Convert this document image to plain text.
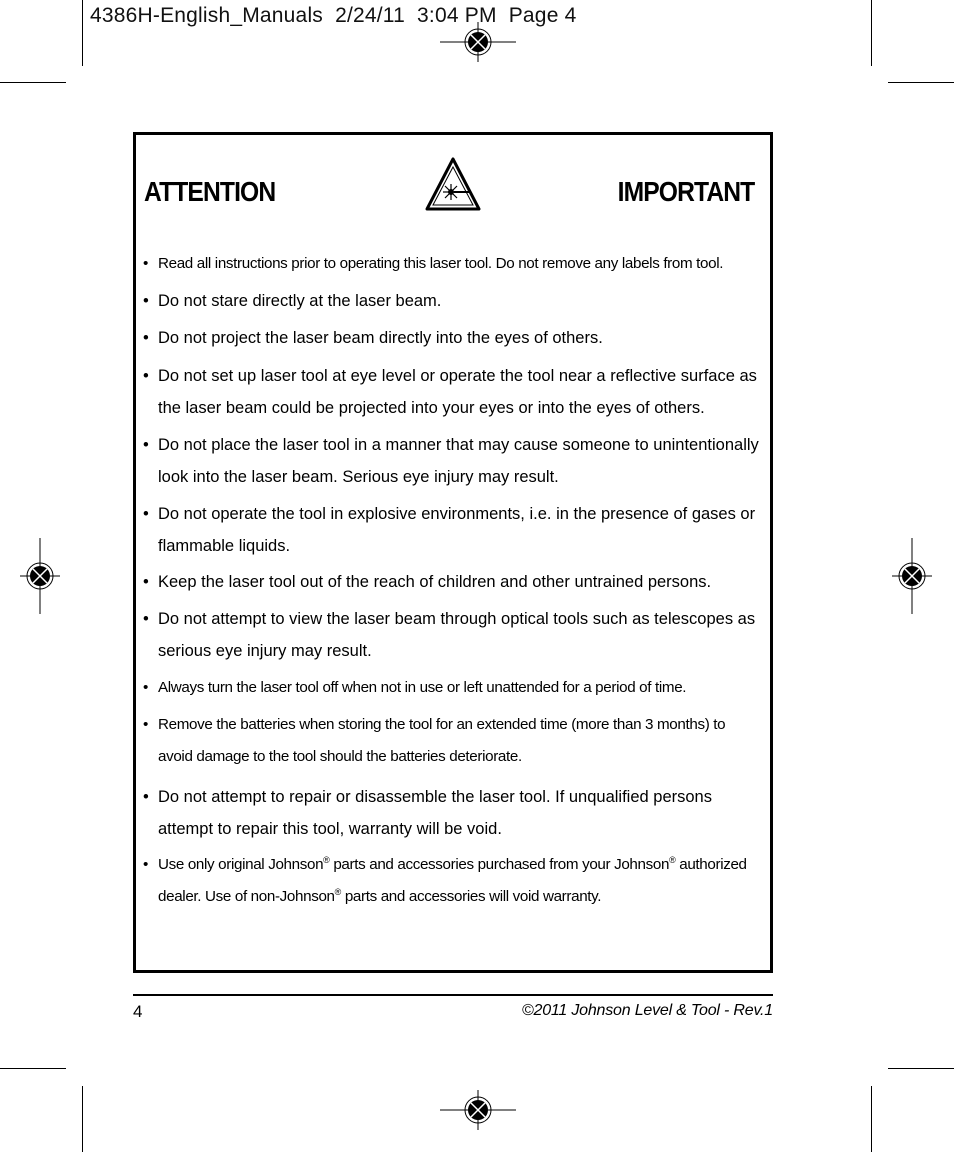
4386H-English_Manuals  2/24/11  3:04 PM  Page 4
ATTENTION	IMPORTANT
• Read all instructions prior to operating this laser tool. Do not remove any labels from tool.
• Do not stare directly at the laser beam.
• Do not project the laser beam directly into the eyes of others.
• Do not set up laser tool at eye level or operate the tool near a reflective surface as the laser beam could be projected into your eyes or into the eyes of others.
• Do not place the laser tool in a manner that may cause someone to unintentionally look into the laser beam. Serious eye injury may result.
• Do not operate the tool in explosive environments, i.e. in the presence of gases or flammable liquids.
• Keep the laser tool out of the reach of children and other untrained persons.
• Do not attempt to view the laser beam through optical tools such as telescopes as serious eye injury may result.
• Always turn the laser tool off when not in use or left unattended for a period of time.
• Remove the batteries when storing the tool for an extended time (more than 3 months) to avoid damage to the tool should the batteries deteriorate.
• Do not attempt to repair or disassemble the laser tool. If unqualified persons attempt to repair this tool, warranty will be void.
• Use only original Johnson® parts and accessories purchased from your Johnson® authorized dealer. Use of non-Johnson® parts and accessories will void warranty.
4	©2011 Johnson Level & Tool - Rev.1
